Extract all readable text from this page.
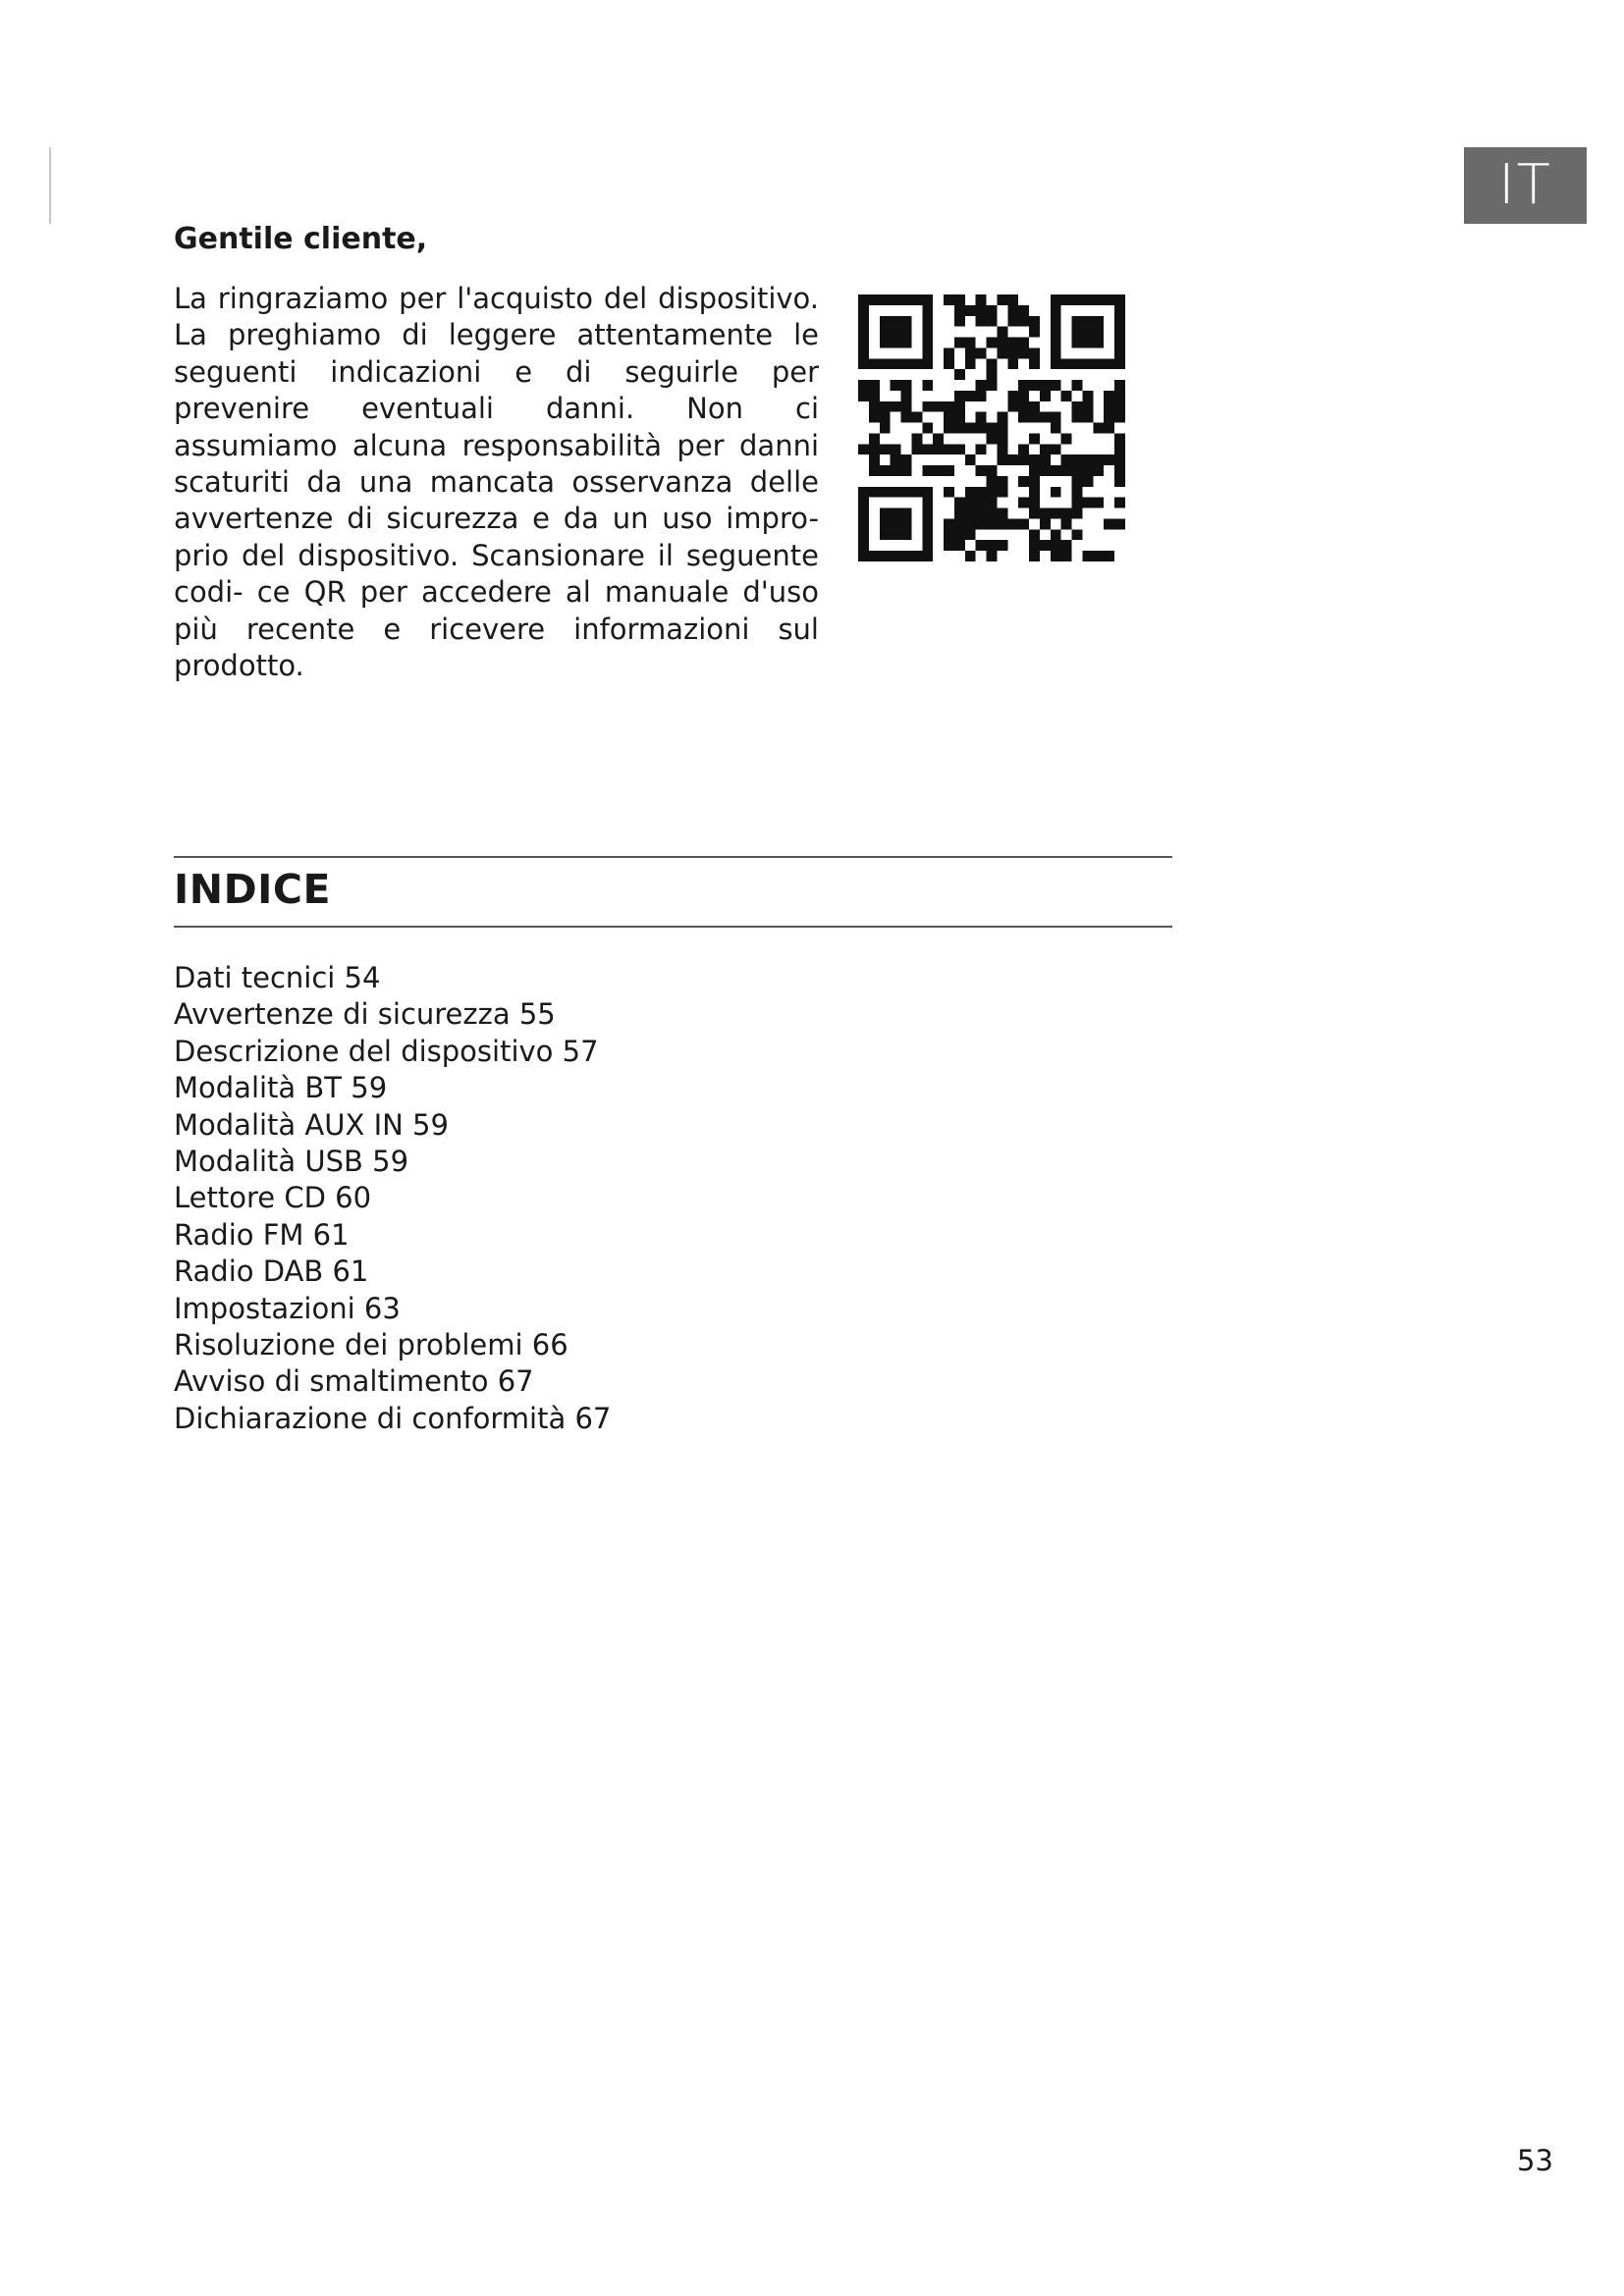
IT
Gentile cliente,
La ringraziamo per l'acquisto del dispositivo. La preghiamo di leggere attentamente le seguenti indicazioni e di seguirle per prevenire eventuali danni. Non ci assumiamo alcuna responsabilità per danni scaturiti da una mancata osservanza delle avvertenze di sicurezza e da un uso impro- prio del dispositivo. Scansionare il seguente codi- ce QR per accedere al manuale d'uso più recente e ricevere informazioni sul prodotto.
INDICE
Dati tecnici 54
Avvertenze di sicurezza 55
Descrizione del dispositivo 57
Modalità BT 59
Modalità AUX IN 59
Modalità USB 59
Lettore CD 60
Radio FM 61
Radio DAB 61
Impostazioni 63
Risoluzione dei problemi 66
Avviso di smaltimento 67
Dichiarazione di conformità 67
53
